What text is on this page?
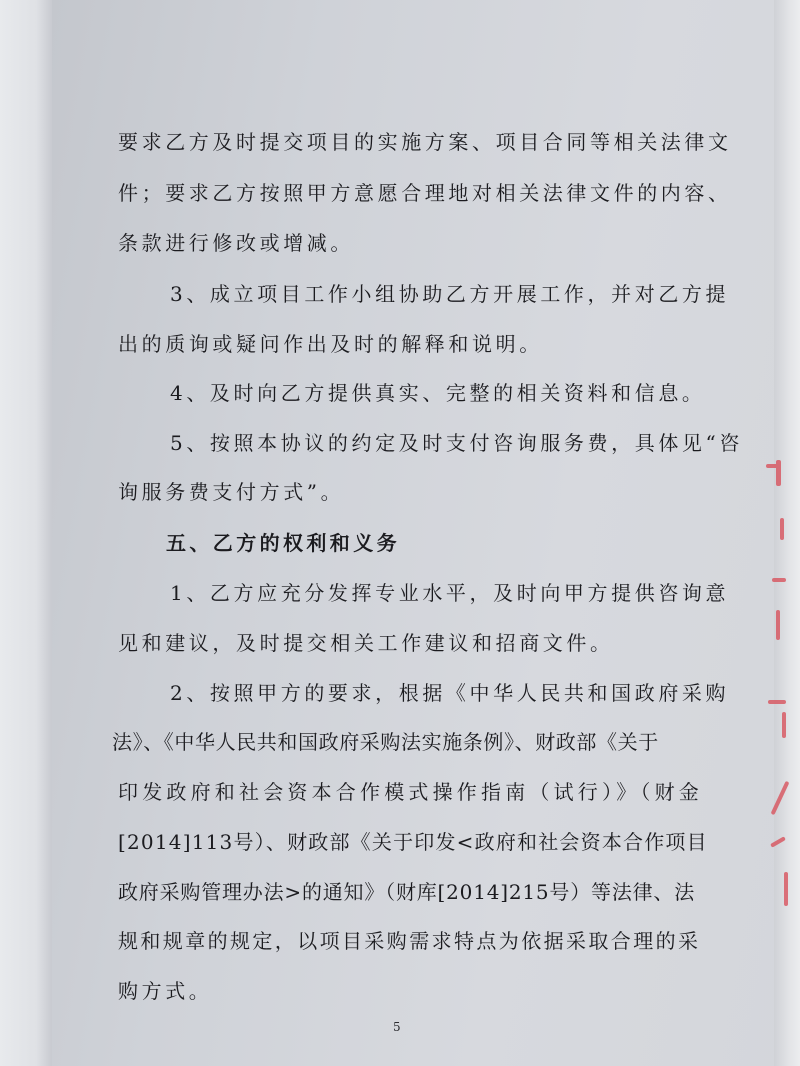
要求乙方及时提交项目的实施方案、项目合同等相关法律文
件；要求乙方按照甲方意愿合理地对相关法律文件的内容、
条款进行修改或增减。
3、成立项目工作小组协助乙方开展工作，并对乙方提
出的质询或疑问作出及时的解释和说明。
4、及时向乙方提供真实、完整的相关资料和信息。
5、按照本协议的约定及时支付咨询服务费，具体见“咨
询服务费支付方式”。
五、乙方的权利和义务
1、乙方应充分发挥专业水平，及时向甲方提供咨询意
见和建议，及时提交相关工作建议和招商文件。
2、按照甲方的要求，根据《中华人民共和国政府采购
法》、《中华人民共和国政府采购法实施条例》、财政部《关于
印发政府和社会资本合作模式操作指南（试行）》（财金
[2014]113号）、财政部《关于印发<政府和社会资本合作项目
政府采购管理办法>的通知》（财库[2014]215号）等法律、法
规和规章的规定，以项目采购需求特点为依据采取合理的采
购方式。
5
